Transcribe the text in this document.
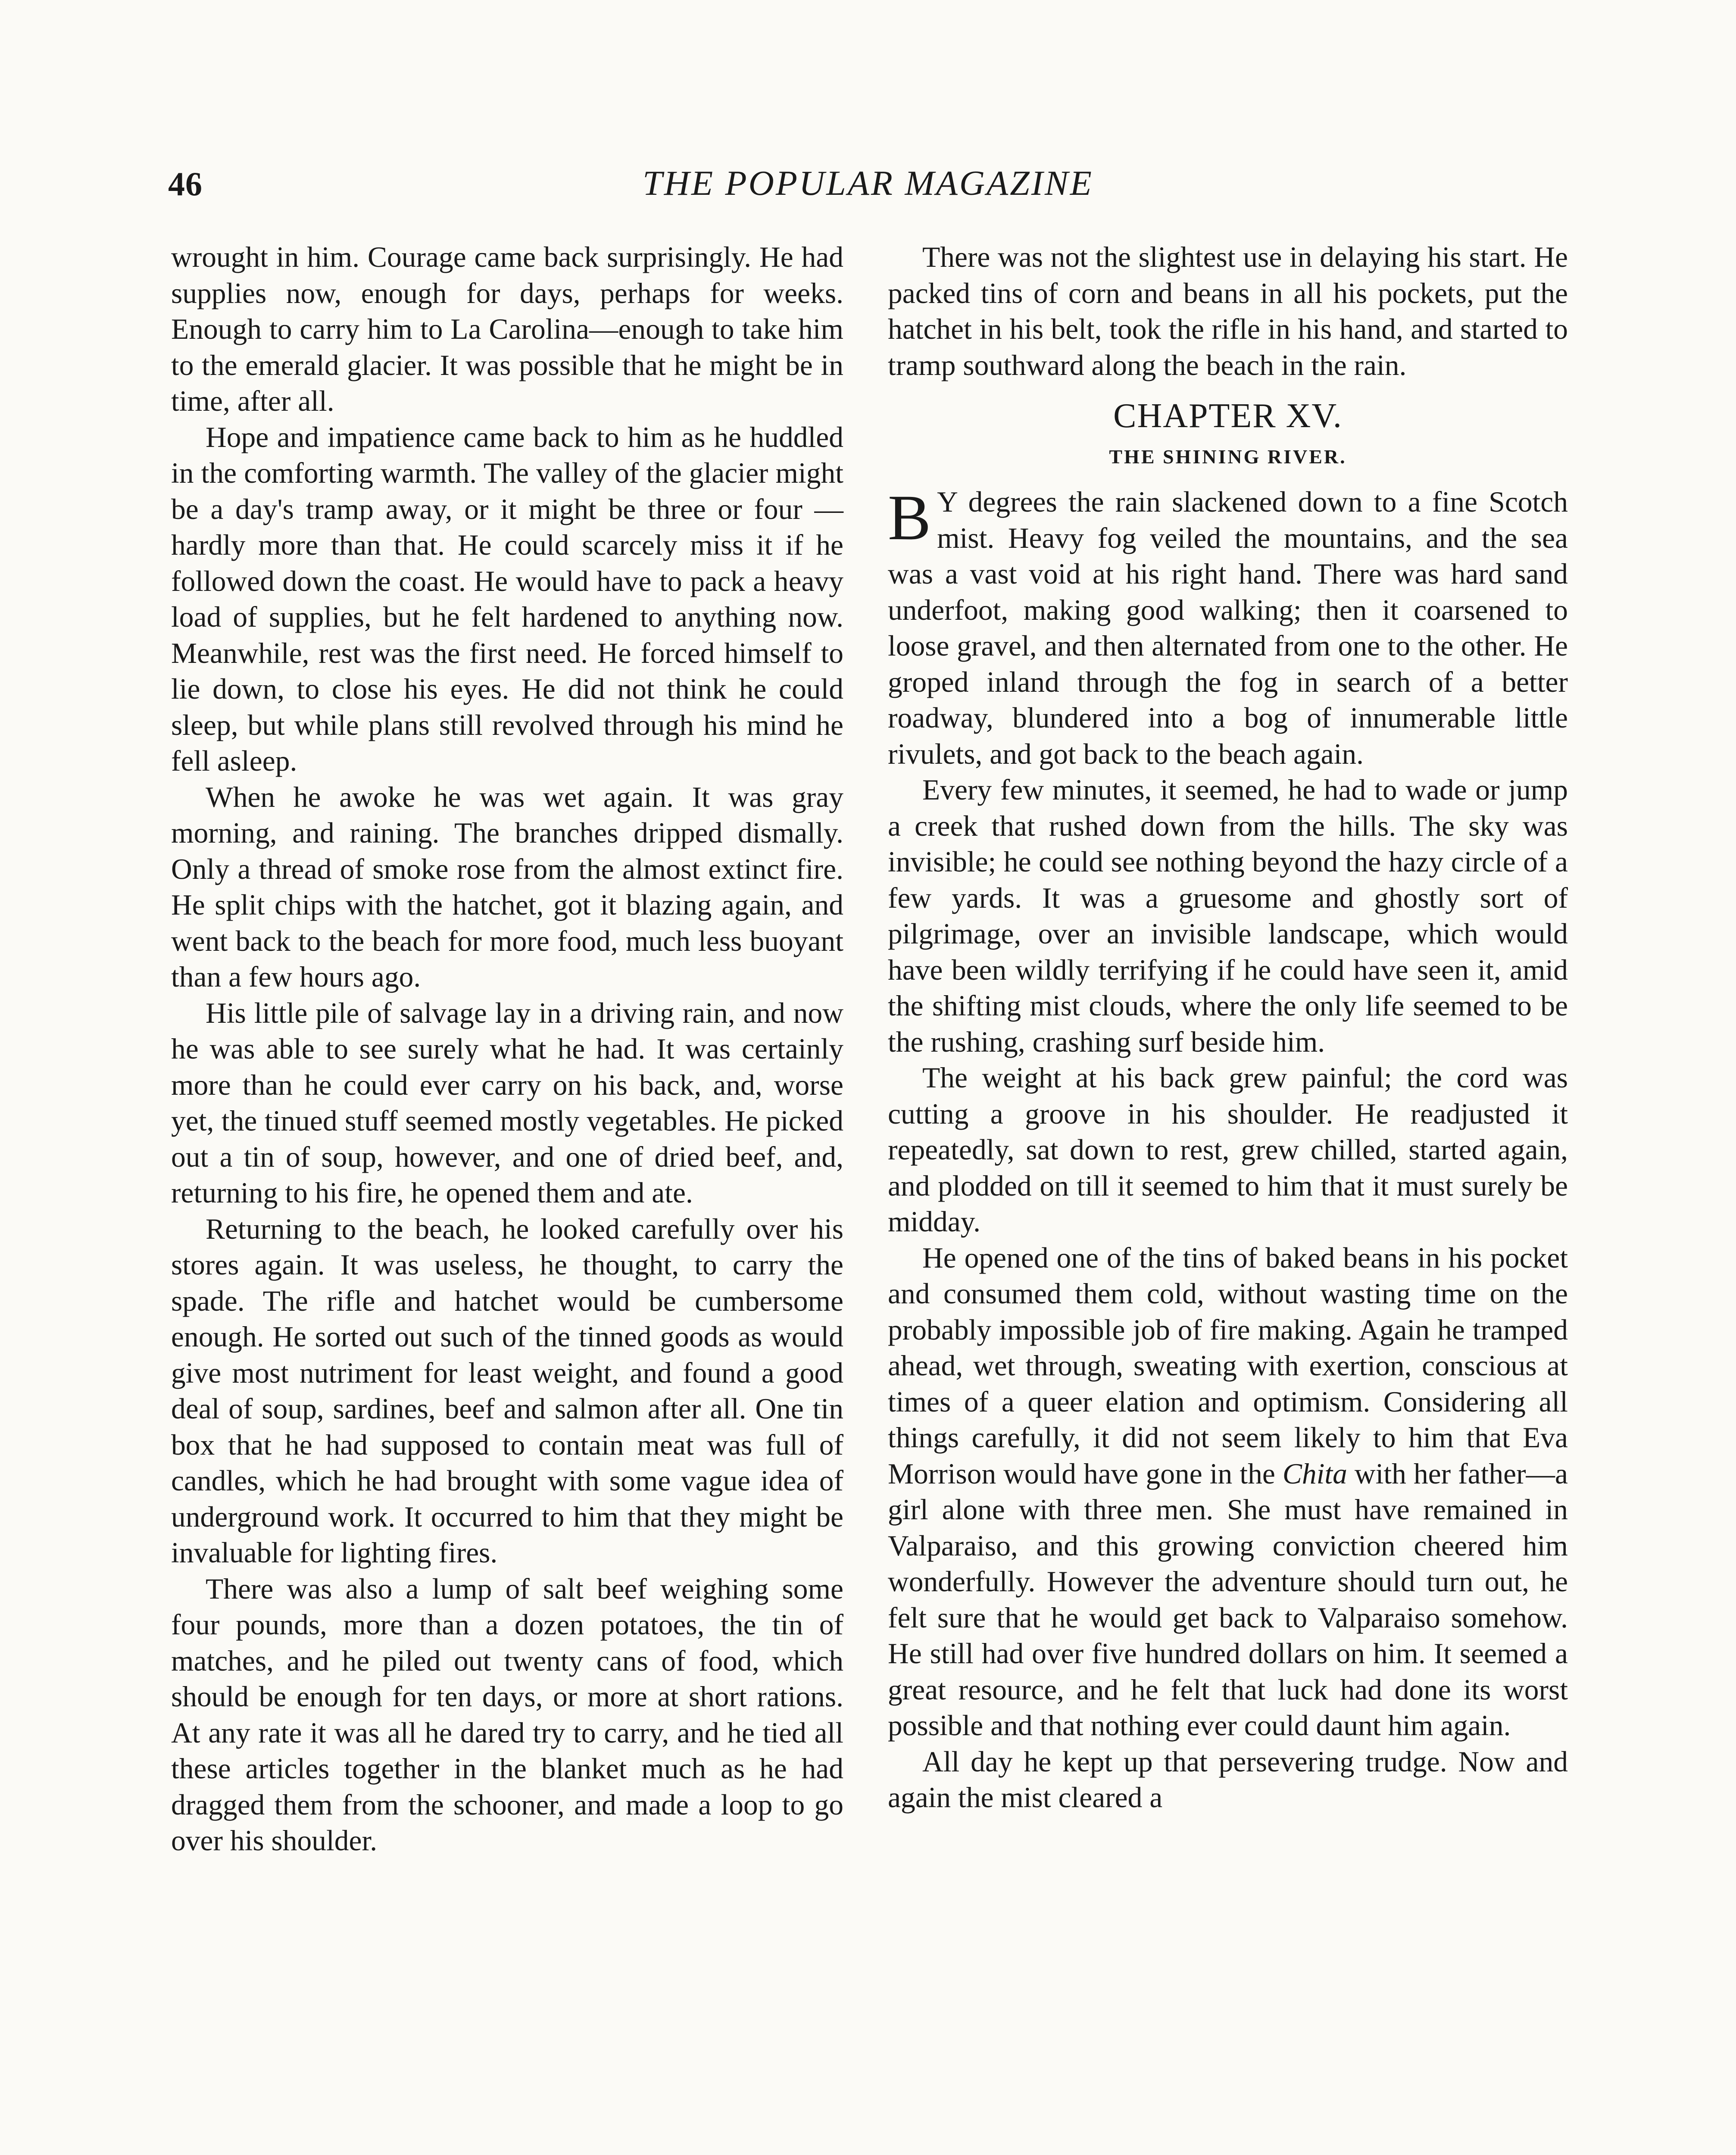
46	THE POPULAR MAGAZINE

wrought in him. Courage came back surprisingly. He had supplies now, enough for days, perhaps for weeks. Enough to carry him to La Carolina—enough to take him to the emerald glacier. It was possible that he might be in time, after all.

Hope and impatience came back to him as he huddled in the comforting warmth. The valley of the glacier might be a day's tramp away, or it might be three or four —hardly more than that. He could scarcely miss it if he followed down the coast. He would have to pack a heavy load of supplies, but he felt hardened to anything now. Meanwhile, rest was the first need. He forced himself to lie down, to close his eyes. He did not think he could sleep, but while plans still revolved through his mind he fell asleep.

When he awoke he was wet again. It was gray morning, and raining. The branches dripped dismally. Only a thread of smoke rose from the almost extinct fire. He split chips with the hatchet, got it blazing again, and went back to the beach for more food, much less buoyant than a few hours ago.

His little pile of salvage lay in a driving rain, and now he was able to see surely what he had. It was certainly more than he could ever carry on his back, and, worse yet, the tinued stuff seemed mostly vegetables. He picked out a tin of soup, however, and one of dried beef, and, returning to his fire, he opened them and ate.

Returning to the beach, he looked carefully over his stores again. It was useless, he thought, to carry the spade. The rifle and hatchet would be cumbersome enough. He sorted out such of the tinned goods as would give most nutriment for least weight, and found a good deal of soup, sardines, beef and salmon after all. One tin box that he had supposed to contain meat was full of candles, which he had brought with some vague idea of underground work. It occurred to him that they might be invaluable for lighting fires.

There was also a lump of salt beef weighing some four pounds, more than a dozen potatoes, the tin of matches, and he piled out twenty cans of food, which should be enough for ten days, or more at short rations. At any rate it was all he dared try to carry, and he tied all these articles together in the blanket much as he had dragged them from the schooner, and made a loop to go over his shoulder.

There was not the slightest use in delaying his start. He packed tins of corn and beans in all his pockets, put the hatchet in his belt, took the rifle in his hand, and started to tramp southward along the beach in the rain.

CHAPTER XV.
THE SHINING RIVER.

B Y degrees the rain slackened down to a fine Scotch mist. Heavy fog veiled the mountains, and the sea was a vast void at his right hand. There was hard sand underfoot, making good walking; then it coarsened to loose gravel, and then alternated from one to the other. He groped inland through the fog in search of a better roadway, blundered into a bog of innumerable little rivulets, and got back to the beach again.

Every few minutes, it seemed, he had to wade or jump a creek that rushed down from the hills. The sky was invisible; he could see nothing beyond the hazy circle of a few yards. It was a gruesome and ghostly sort of pilgrimage, over an invisible landscape, which would have been wildly terrifying if he could have seen it, amid the shifting mist clouds, where the only life seemed to be the rushing, crashing surf beside him.

The weight at his back grew painful; the cord was cutting a groove in his shoulder. He readjusted it repeatedly, sat down to rest, grew chilled, started again, and plodded on till it seemed to him that it must surely be midday.

He opened one of the tins of baked beans in his pocket and consumed them cold, without wasting time on the probably impossible job of fire making. Again he tramped ahead, wet through, sweating with exertion, conscious at times of a queer elation and optimism. Considering all things carefully, it did not seem likely to him that Eva Morrison would have gone in the Chita with her father—a girl alone with three men. She must have remained in Valparaiso, and this growing conviction cheered him wonderfully. However the adventure should turn out, he felt sure that he would get back to Valparaiso somehow. He still had over five hundred dollars on him. It seemed a great resource, and he felt that luck had done its worst possible and that nothing ever could daunt him again.

All day he kept up that persevering trudge. Now and again the mist cleared a
